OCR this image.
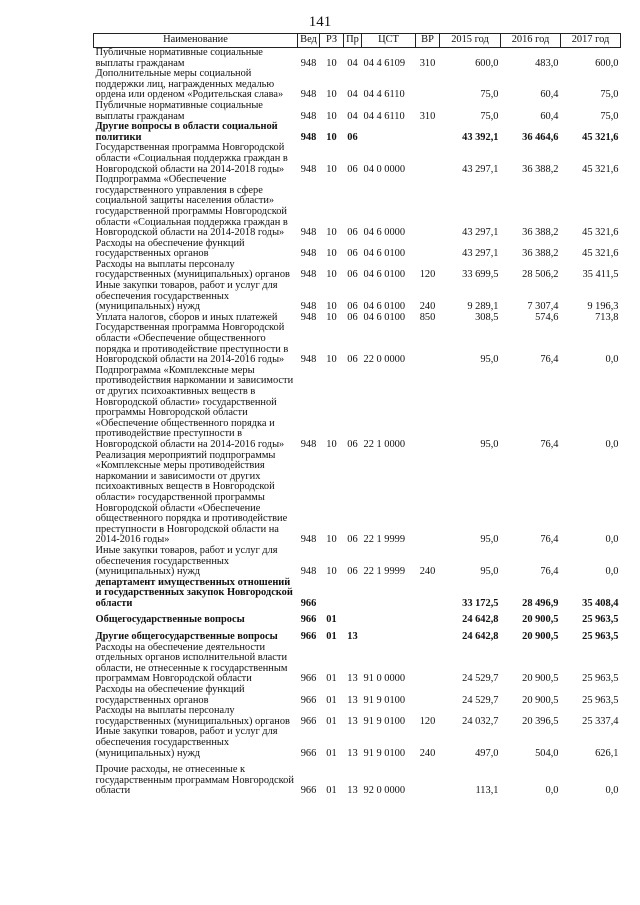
141
Наименование	Вед	РЗ	Пр	ЦСТ	ВР	2015 год	2016 год	2017 год
Публичные нормативные социальные выплаты гражданам	948	10	04	04 4 6109	310	600,0	483,0	600,0
Дополнительные меры социальной поддержки лиц, награжденных медалью ордена или орденом «Родительская слава»	948	10	04	04 4 6110		75,0	60,4	75,0
Публичные нормативные социальные выплаты гражданам	948	10	04	04 4 6110	310	75,0	60,4	75,0
Другие вопросы в области социальной политики	948	10	06			43 392,1	36 464,6	45 321,6
Государственная программа Новгородской области «Социальная поддержка граждан в Новгородской области на 2014-2018 годы»	948	10	06	04 0 0000		43 297,1	36 388,2	45 321,6
Подпрограмма «Обеспечение государственного управления в сфере социальной защиты населения области» государственной программы Новгородской области «Социальная поддержка граждан в Новгородской области на 2014-2018 годы»	948	10	06	04 6 0000		43 297,1	36 388,2	45 321,6
Расходы на обеспечение функций государственных органов	948	10	06	04 6 0100		43 297,1	36 388,2	45 321,6
Расходы на выплаты персоналу государственных (муниципальных) органов	948	10	06	04 6 0100	120	33 699,5	28 506,2	35 411,5
Иные закупки товаров, работ и услуг для обеспечения государственных (муниципальных) нужд	948	10	06	04 6 0100	240	9 289,1	7 307,4	9 196,3
Уплата налогов, сборов и иных платежей	948	10	06	04 6 0100	850	308,5	574,6	713,8
Государственная программа Новгородской области «Обеспечение общественного порядка и противодействие преступности в Новгородской области на 2014-2016 годы»	948	10	06	22 0 0000		95,0	76,4	0,0
Подпрограмма «Комплексные меры противодействия наркомании и зависимости от других психоактивных веществ в Новгородской области» государственной программы Новгородской области «Обеспечение общественного порядка и противодействие преступности в Новгородской области на 2014-2016 годы»	948	10	06	22 1 0000		95,0	76,4	0,0
Реализация мероприятий подпрограммы «Комплексные меры противодействия наркомании и зависимости от других психоактивных веществ в Новгородской области» государственной программы Новгородской области «Обеспечение общественного порядка и противодействие преступности в Новгородской области на 2014-2016 годы»	948	10	06	22 1 9999		95,0	76,4	0,0
Иные закупки товаров, работ и услуг для обеспечения государственных (муниципальных) нужд	948	10	06	22 1 9999	240	95,0	76,4	0,0
департамент имущественных отношений и государственных закупок Новгородской области	966					33 172,5	28 496,9	35 408,4
Общегосударственные вопросы	966	01				24 642,8	20 900,5	25 963,5
Другие общегосударственные вопросы	966	01	13			24 642,8	20 900,5	25 963,5
Расходы на обеспечение деятельности отдельных органов исполнительной власти области, не отнесенные к государственным программам Новгородской области	966	01	13	91 0 0000		24 529,7	20 900,5	25 963,5
Расходы на обеспечение функций государственных органов	966	01	13	91 9 0100		24 529,7	20 900,5	25 963,5
Расходы на выплаты персоналу государственных (муниципальных) органов	966	01	13	91 9 0100	120	24 032,7	20 396,5	25 337,4
Иные закупки товаров, работ и услуг для обеспечения государственных (муниципальных) нужд	966	01	13	91 9 0100	240	497,0	504,0	626,1
Прочие расходы, не отнесенные к государственным программам Новгородской области	966	01	13	92 0 0000		113,1	0,0	0,0
